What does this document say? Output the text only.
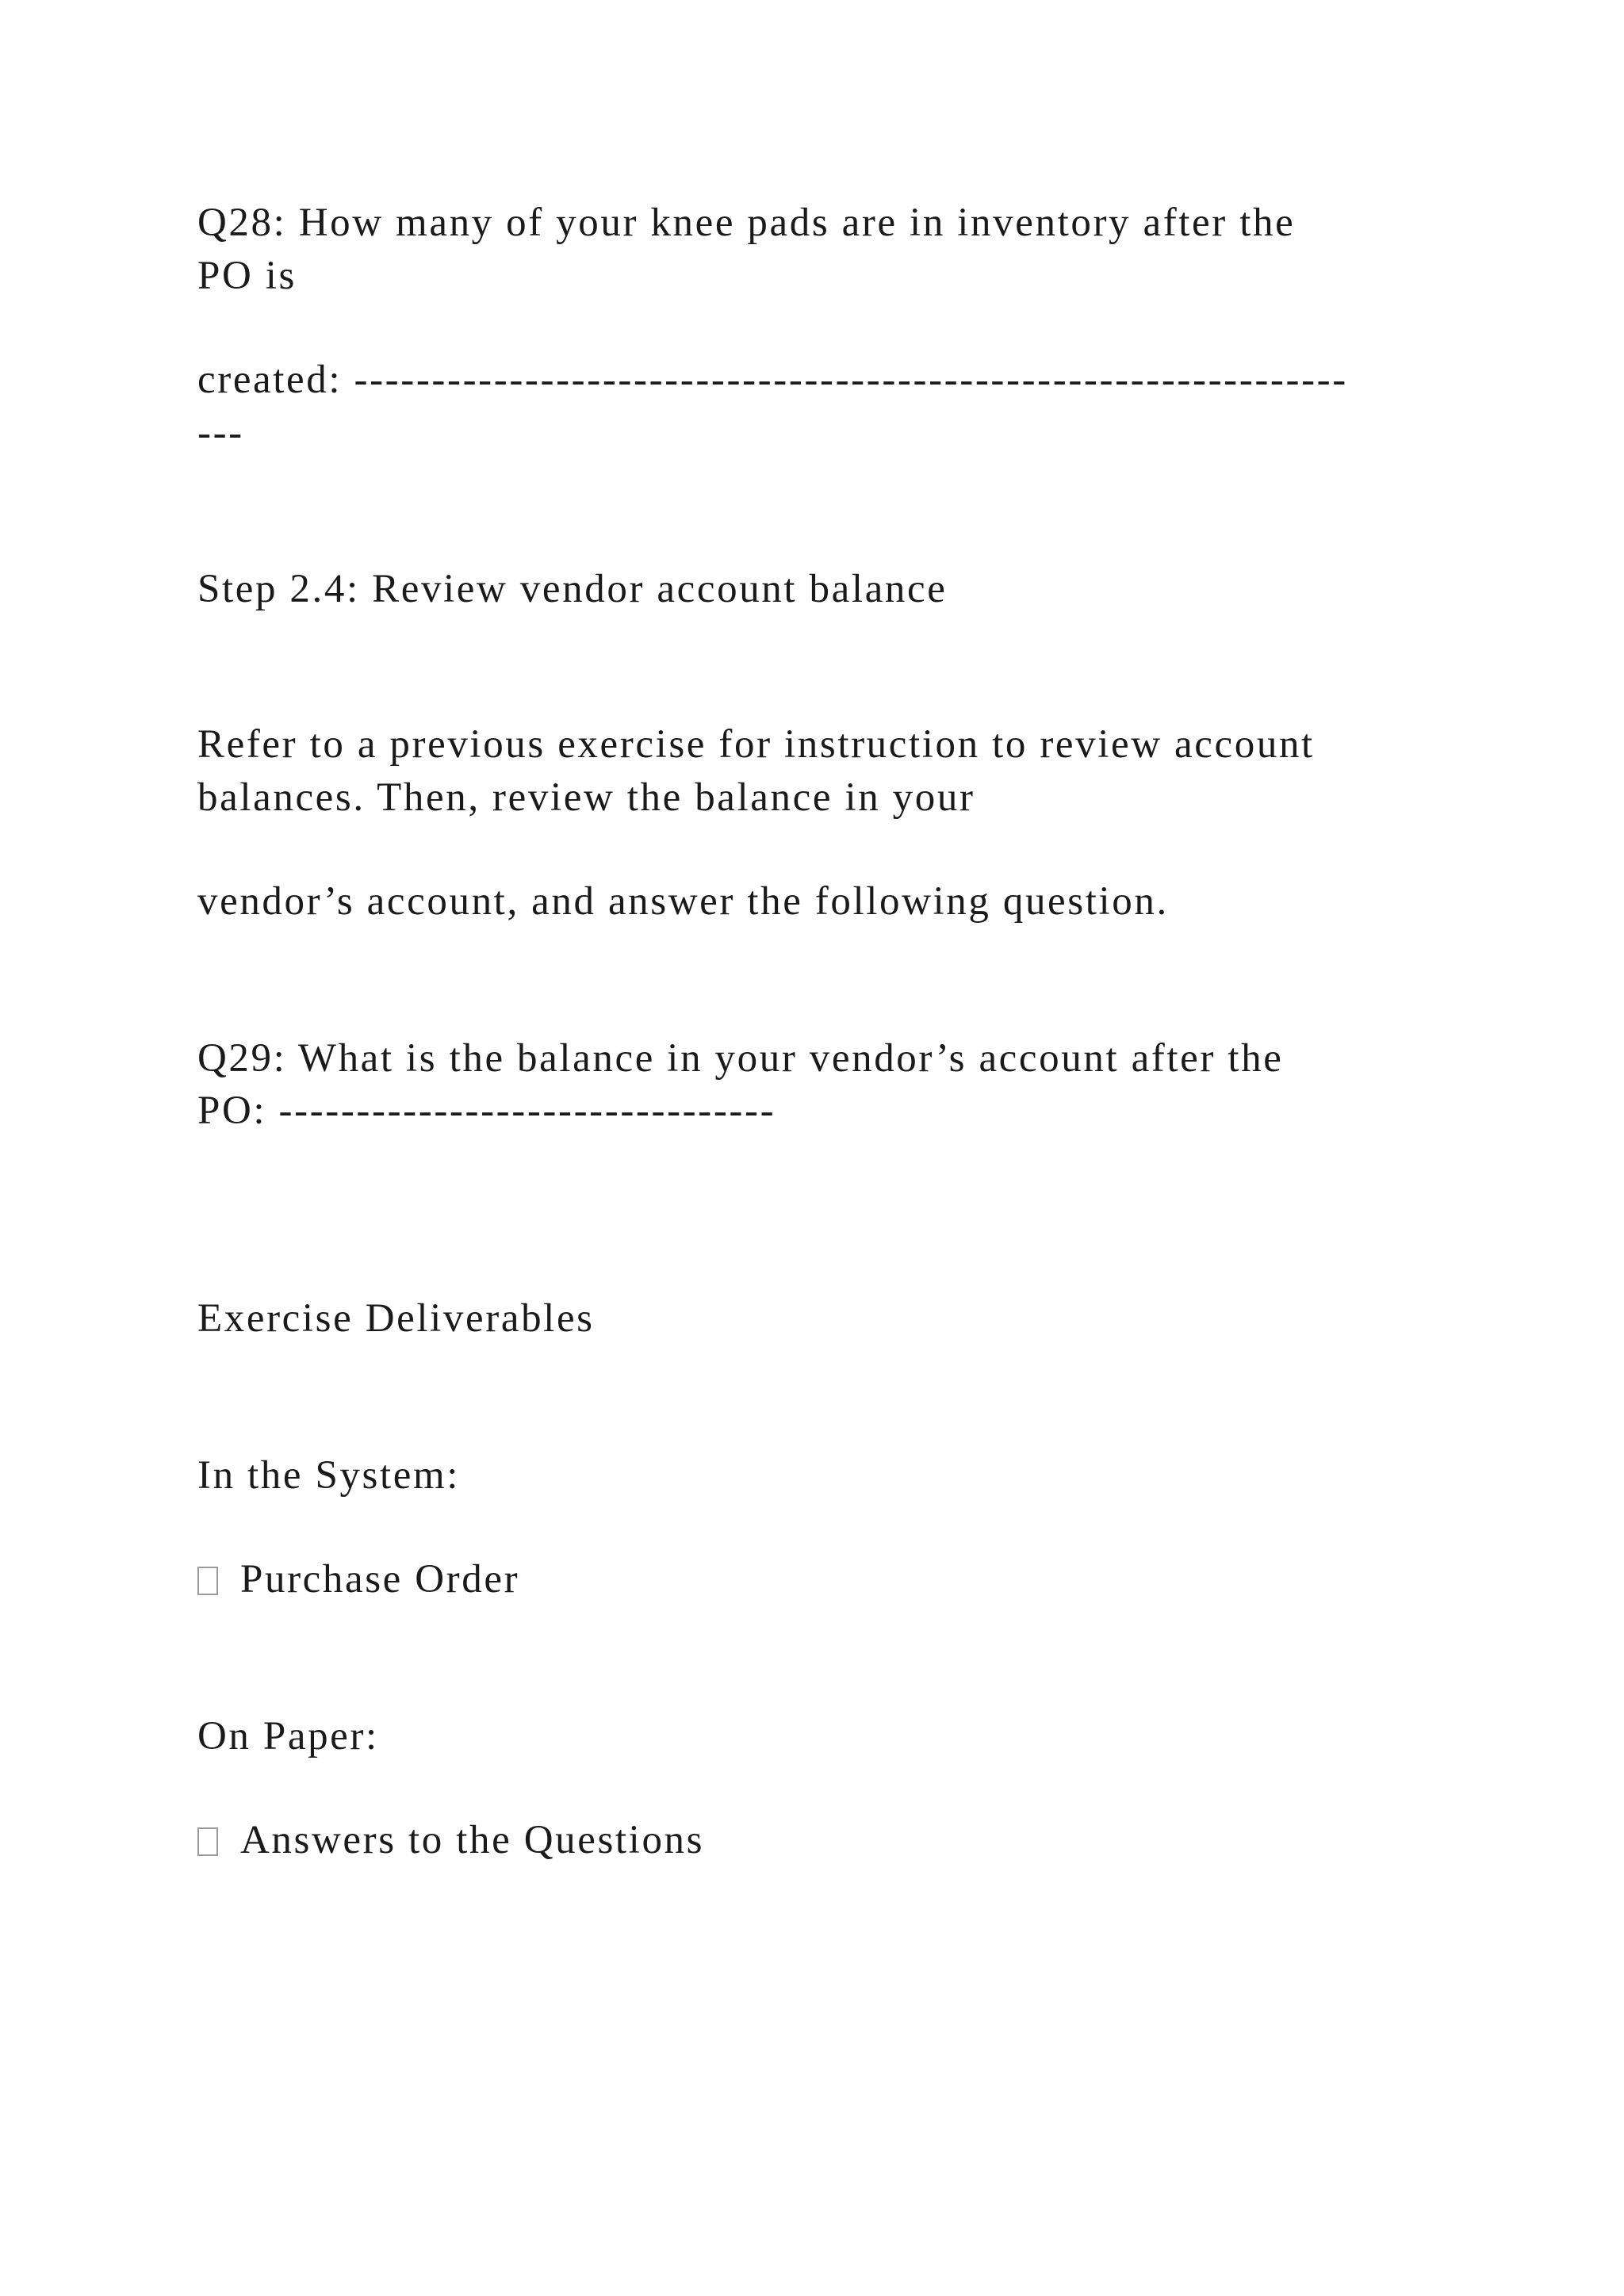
Q28: How many of your knee pads are in inventory after the
PO is
created: ----------------------------------------------------------------
---
Step 2.4: Review vendor account balance
Refer to a previous exercise for instruction to review account
balances. Then, review the balance in your
vendor’s account, and answer the following question.
Q29: What is the balance in your vendor’s account after the
PO: --------------------------------
Exercise Deliverables
In the System:
Purchase Order
On Paper:
Answers to the Questions
